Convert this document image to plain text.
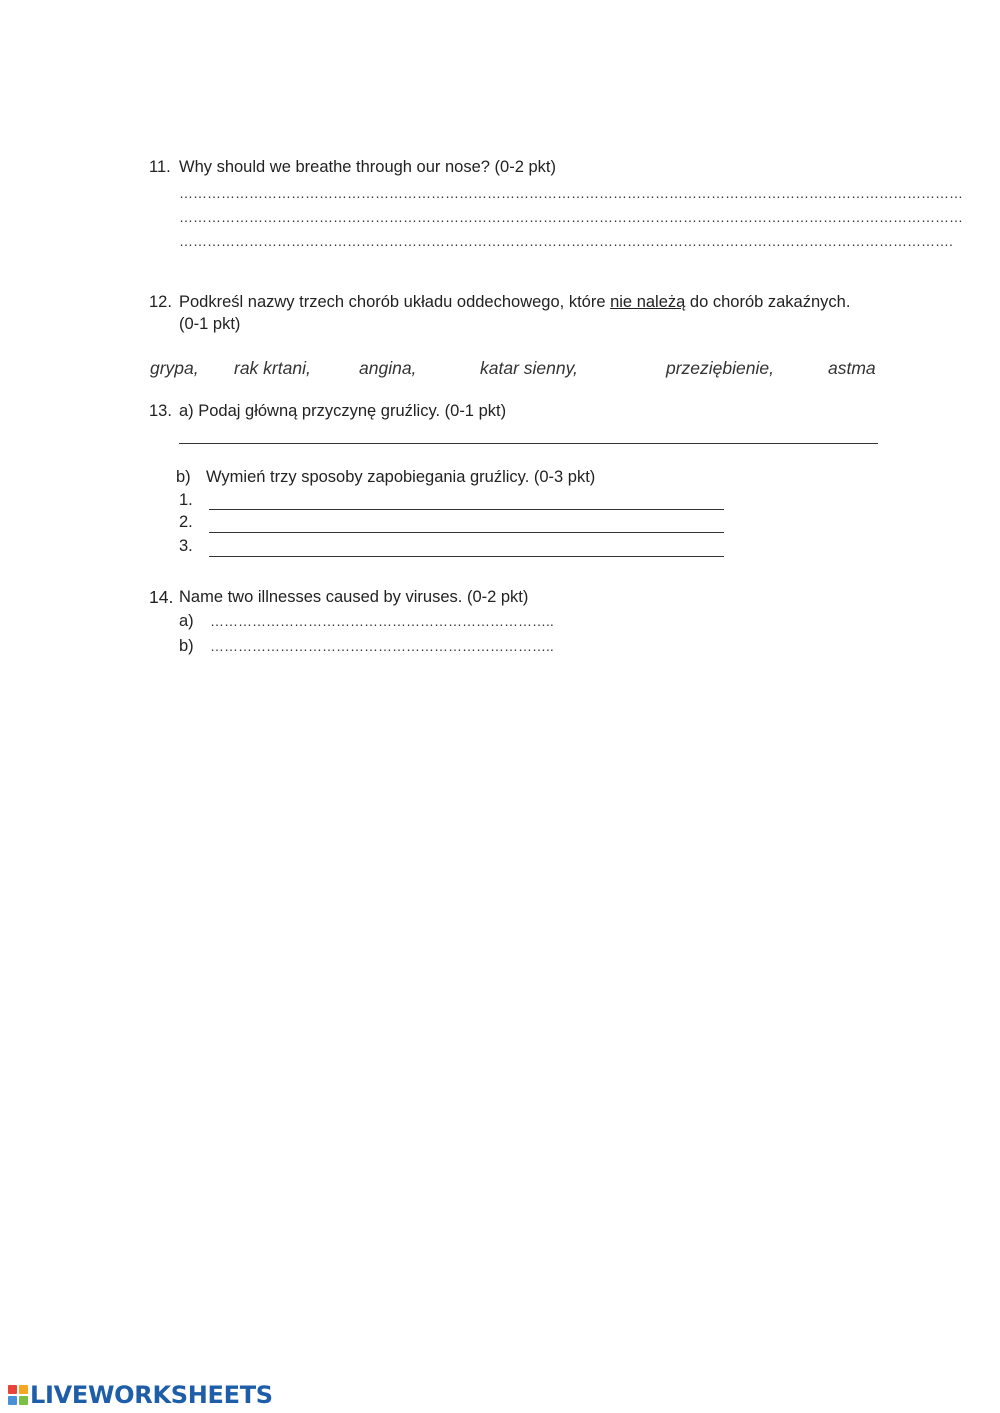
11. Why should we breathe through our nose? (0-2 pkt)
……………………………………………………………………………………………………………………………………………………
……………………………………………………………………………………………………………………………………………………
………………………………………………………………………………………………………………………………………………….
12. Podkreśl nazwy trzech chorób układu oddechowego, które nie należą do chorób zakaźnych.
(0-1 pkt)
grypa, rak krtani,	angina,	katar sienny,	przeziębienie,	astma
13. a) Podaj główną przyczynę gruźlicy. (0-1 pkt)
b) Wymień trzy sposoby zapobiegania gruźlicy. (0-3 pkt)
1.
2.
3.
14. Name two illnesses caused by viruses. (0-2 pkt)
a) ………………………………………………………………..
b) ………………………………………………………………..
LIVEWORKSHEETS
